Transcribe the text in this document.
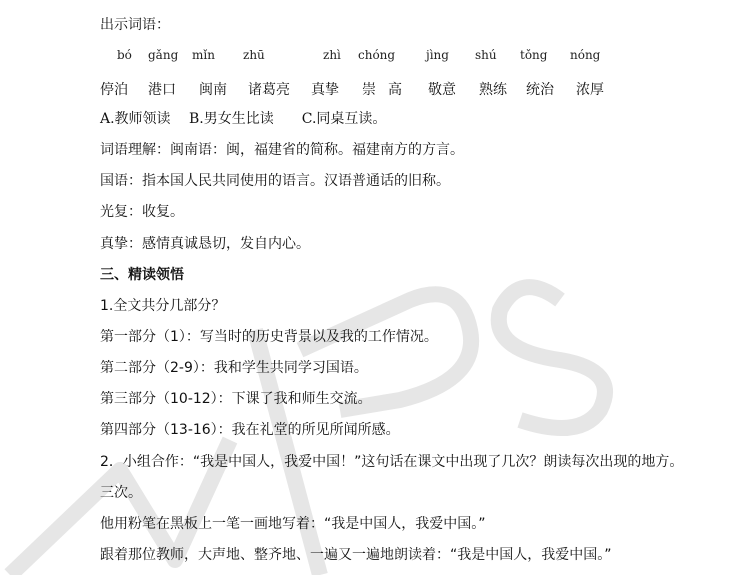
出示词语：
bó gǎng mǐn zhū	zhì chóng	jìng shú tǒng nóng
停泊 港口 闽南 诸葛亮 真挚 崇 高 敬意 熟练 统治 浓厚
A.教师领读　 B.男女生比读　　C.同桌互读。
词语理解：闽南语：闽，福建省的简称。福建南方的方言。
国语：指本国人民共同使用的语言。汉语普通话的旧称。
光复：收复。
真挚：感情真诚恳切，发自内心。
三、精读领悟
1.全文共分几部分？
第一部分（1）：写当时的历史背景以及我的工作情况。
第二部分（2-9）：我和学生共同学习国语。
第三部分（10-12）：下课了我和师生交流。
第四部分（13-16）：我在礼堂的所见所闻所感。
2．小组合作：“我是中国人，我爱中国！”这句话在课文中出现了几次？朗读每次出现的地方。
三次。
他用粉笔在黑板上一笔一画地写着：“我是中国人，我爱中国。”
跟着那位教师，大声地、整齐地、一遍又一遍地朗读着：“我是中国人，我爱中国。”
